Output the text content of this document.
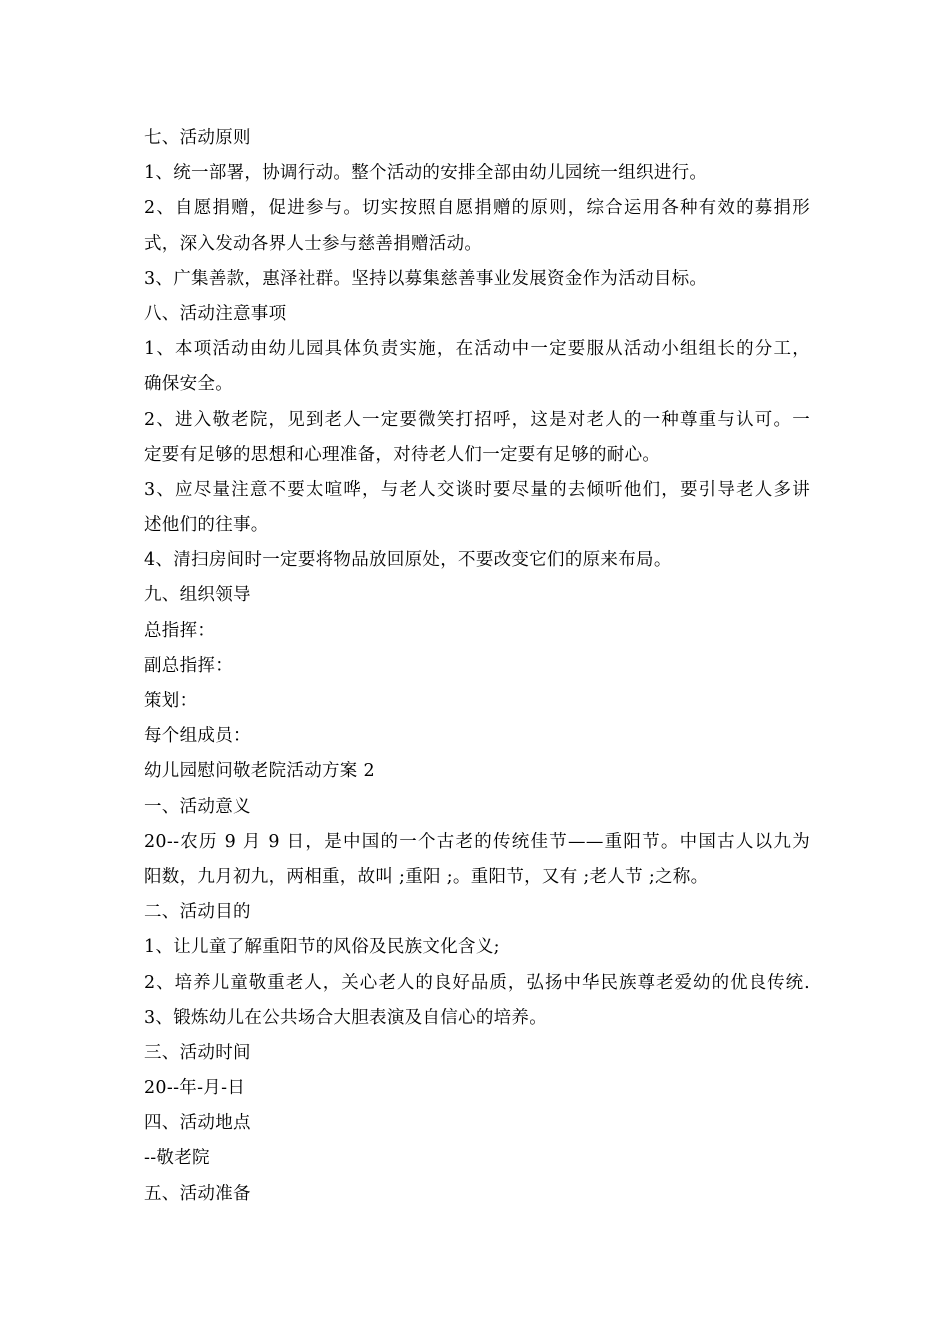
七、活动原则
1、统一部署，协调行动。整个活动的安排全部由幼儿园统一组织进行。
2、自愿捐赠，促进参与。切实按照自愿捐赠的原则，综合运用各种有效的募捐形
式，深入发动各界人士参与慈善捐赠活动。
3、广集善款，惠泽社群。坚持以募集慈善事业发展资金作为活动目标。
八、活动注意事项
1、本项活动由幼儿园具体负责实施，在活动中一定要服从活动小组组长的分工，
确保安全。
2、进入敬老院，见到老人一定要微笑打招呼，这是对老人的一种尊重与认可。一
定要有足够的思想和心理准备，对待老人们一定要有足够的耐心。
3、应尽量注意不要太喧哗，与老人交谈时要尽量的去倾听他们，要引导老人多讲
述他们的往事。
4、清扫房间时一定要将物品放回原处，不要改变它们的原来布局。
九、组织领导
总指挥：
副总指挥：
策划：
每个组成员：
幼儿园慰问敬老院活动方案 2
一、活动意义
20--农历 9 月 9 日，是中国的一个古老的传统佳节——重阳节。中国古人以九为
阳数，九月初九，两相重，故叫 ;重阳 ;。重阳节，又有 ;老人节 ;之称。
二、活动目的
1、让儿童了解重阳节的风俗及民族文化含义;
2、培养儿童敬重老人，关心老人的良好品质，弘扬中华民族尊老爱幼的优良传统.
3、锻炼幼儿在公共场合大胆表演及自信心的培养。
三、活动时间
20--年-月-日
四、活动地点
--敬老院
五、活动准备
